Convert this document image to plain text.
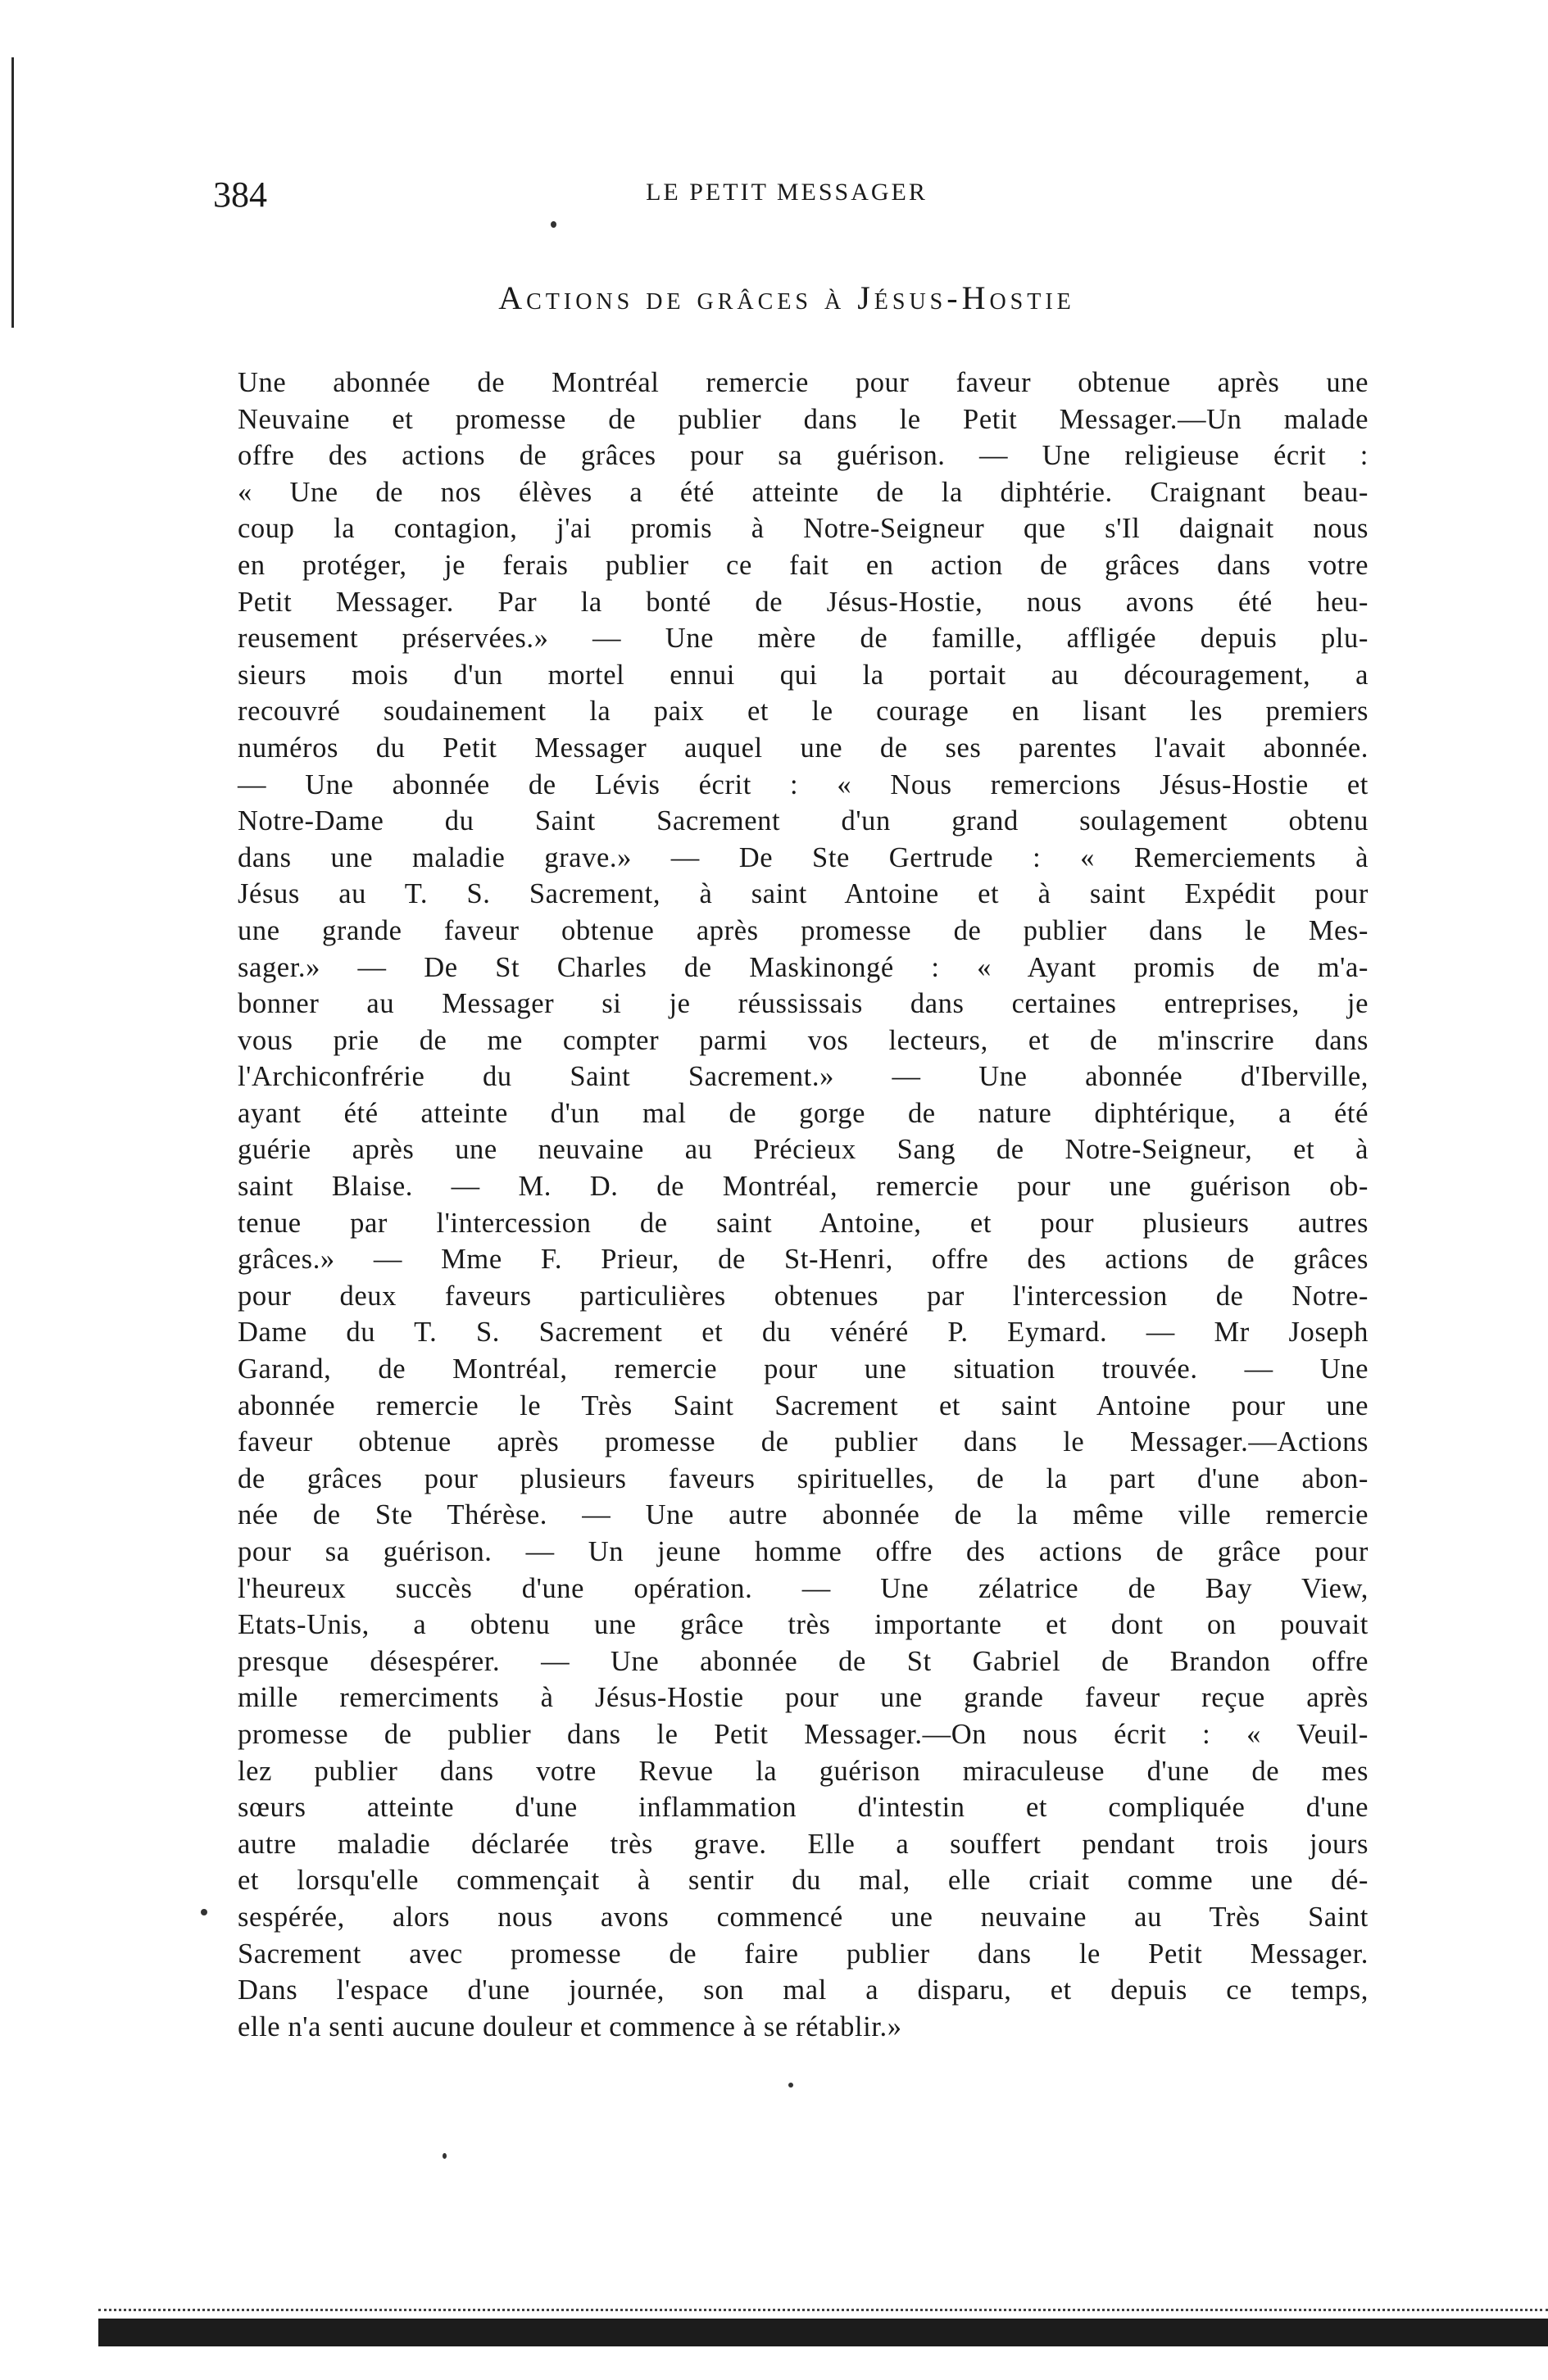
384	LE PETIT MESSAGER
Actions de grâces à Jésus-Hostie
Une abonnée de Montréal remercie pour faveur obtenue après une
Neuvaine et promesse de publier dans le Petit Messager.—Un malade
offre des actions de grâces pour sa guérison. — Une religieuse écrit :
« Une de nos élèves a été atteinte de la diphtérie. Craignant beau-
coup la contagion, j'ai promis à Notre-Seigneur que s'Il daignait nous
en protéger, je ferais publier ce fait en action de grâces dans votre
Petit Messager. Par la bonté de Jésus-Hostie, nous avons été heu-
reusement préservées.» — Une mère de famille, affligée depuis plu-
sieurs mois d'un mortel ennui qui la portait au découragement, a
recouvré soudainement la paix et le courage en lisant les premiers
numéros du Petit Messager auquel une de ses parentes l'avait abonnée.
— Une abonnée de Lévis écrit : « Nous remercions Jésus-Hostie et
Notre-Dame du Saint Sacrement d'un grand soulagement obtenu
dans une maladie grave.» — De Ste Gertrude : « Remerciements à
Jésus au T. S. Sacrement, à saint Antoine et à saint Expédit pour
une grande faveur obtenue après promesse de publier dans le Mes-
sager.» — De St Charles de Maskinongé : « Ayant promis de m'a-
bonner au Messager si je réussissais dans certaines entreprises, je
vous prie de me compter parmi vos lecteurs, et de m'inscrire dans
l'Archiconfrérie du Saint Sacrement.» — Une abonnée d'Iberville,
ayant été atteinte d'un mal de gorge de nature diphtérique, a été
guérie après une neuvaine au Précieux Sang de Notre-Seigneur, et à
saint Blaise. — M. D. de Montréal, remercie pour une guérison ob-
tenue par l'intercession de saint Antoine, et pour plusieurs autres
grâces.» — Mme F. Prieur, de St-Henri, offre des actions de grâces
pour deux faveurs particulières obtenues par l'intercession de Notre-
Dame du T. S. Sacrement et du vénéré P. Eymard. — Mr Joseph
Garand, de Montréal, remercie pour une situation trouvée. — Une
abonnée remercie le Très Saint Sacrement et saint Antoine pour une
faveur obtenue après promesse de publier dans le Messager.—Actions
de grâces pour plusieurs faveurs spirituelles, de la part d'une abon-
née de Ste Thérèse. — Une autre abonnée de la même ville remercie
pour sa guérison. — Un jeune homme offre des actions de grâce pour
l'heureux succès d'une opération. — Une zélatrice de Bay View,
Etats-Unis, a obtenu une grâce très importante et dont on pouvait
presque désespérer. — Une abonnée de St Gabriel de Brandon offre
mille remerciments à Jésus-Hostie pour une grande faveur reçue après
promesse de publier dans le Petit Messager.—On nous écrit : « Veuil-
lez publier dans votre Revue la guérison miraculeuse d'une de mes
sœurs atteinte d'une inflammation d'intestin et compliquée d'une
autre maladie déclarée très grave. Elle a souffert pendant trois jours
et lorsqu'elle commençait à sentir du mal, elle criait comme une dé-
sespérée, alors nous avons commencé une neuvaine au Très Saint
Sacrement avec promesse de faire publier dans le Petit Messager.
Dans l'espace d'une journée, son mal a disparu, et depuis ce temps,
elle n'a senti aucune douleur et commence à se rétablir.»
